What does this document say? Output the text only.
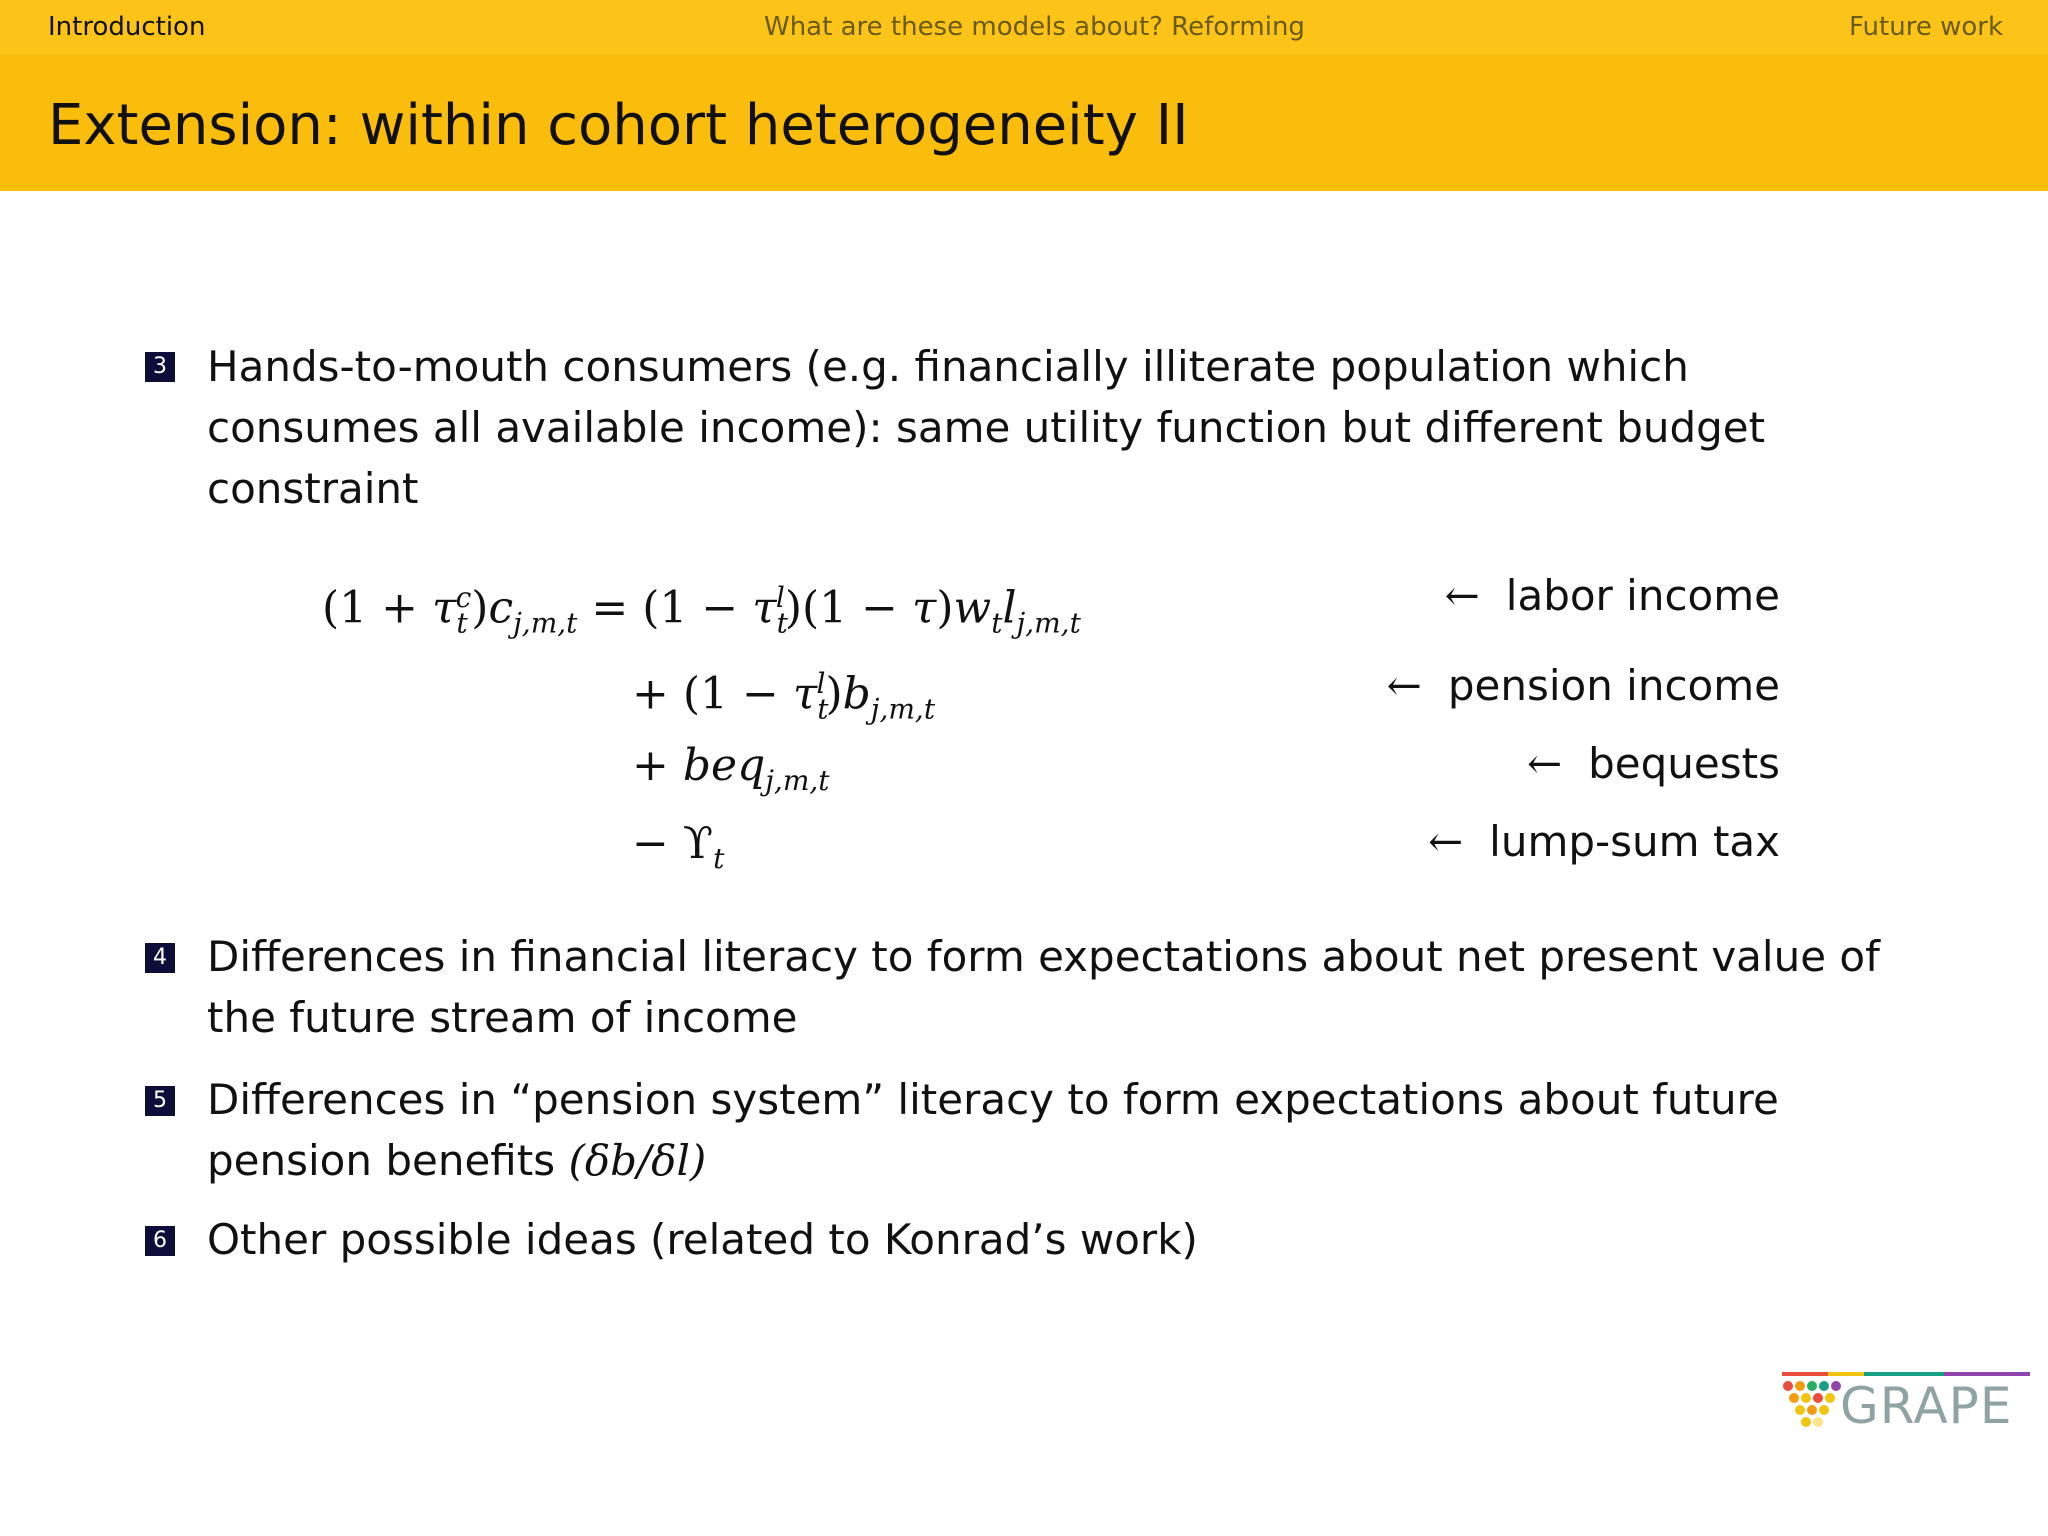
Introduction	What are these models about? Reforming	Future work
Extension: within cohort heterogeneity II
3 Hands-to-mouth consumers (e.g. financially illiterate population which
consumes all available income): same utility function but different budget
constraint
$(1 + \tau_t^c)c_{j,m,t} = (1 - \tau_t^l)(1 - \tau)w_tl_{j,m,t}$
+ $(1 - \tau_t^l)b_{j,m,t}$
+ beq$_{j,m,t}$
− $ϒ_t$
← labor income
← pension income
← bequests
← lump-sum tax
4 Differences in financial literacy to form expectations about net present value of
the future stream of income
5 Differences in “pension system” literacy to form expectations about future
pension benefits (δb/δl)
6 Other possible ideas (related to Konrad’s work)
GRAPE
